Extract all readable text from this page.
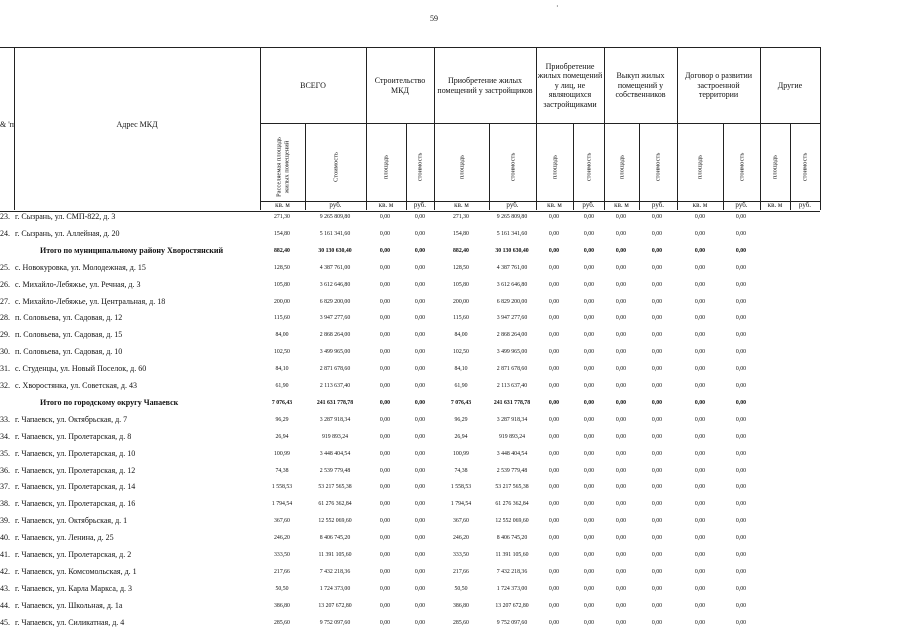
59
·
& 'п	Адрес МКД
ВСЕГО
Строительство МКД
Приобретение жилых помещений у застройщиков
Приобретение жилых помещений у лиц, не являющихся застройщиками
Выкуп жилых помещений у собственников
Договор о развитии застроенной территории
Другие
Расселяемая площадь жилых помещений	Стоимость	площадь	стоимость	площадь	стоимость	площадь	стоимость	площадь	стоимость	площадь	стоимость	площадь	стоимость
кв. м	руб.	кв. м	руб.	кв. м	руб.	кв. м	руб.	кв. м	руб.	кв. м	руб.	кв. м	руб.
23. г. Сызрань, ул. СМП-822, д. 3	271,30	9 265 809,80	0,00	0,00	271,30	9 265 809,80	0,00	0,00	0,00	0,00	0,00	0,00
24. г. Сызрань, ул. Аллейная, д. 20	154,80	5 161 341,60	0,00	0,00	154,80	5 161 341,60	0,00	0,00	0,00	0,00	0,00	0,00
Итого по муниципальному району Хворостянский	882,40	30 130 630,40	0,00	0,00	882,40	30 130 630,40	0,00	0,00	0,00	0,00	0,00	0,00
25. с. Новокуровка, ул. Молодежная, д. 15	128,50	4 387 761,00	0,00	0,00	128,50	4 387 761,00	0,00	0,00	0,00	0,00	0,00	0,00
26. с. Михайло-Лебяжье, ул. Речная, д. 3	105,80	3 612 646,80	0,00	0,00	105,80	3 612 646,80	0,00	0,00	0,00	0,00	0,00	0,00
27. с. Михайло-Лебяжье, ул. Центральная, д. 18	200,00	6 829 200,00	0,00	0,00	200,00	6 829 200,00	0,00	0,00	0,00	0,00	0,00	0,00
28. п. Соловьева, ул. Садовая, д. 12	115,60	3 947 277,60	0,00	0,00	115,60	3 947 277,60	0,00	0,00	0,00	0,00	0,00	0,00
29. п. Соловьева, ул. Садовая, д. 15	84,00	2 868 264,00	0,00	0,00	84,00	2 868 264,00	0,00	0,00	0,00	0,00	0,00	0,00
30. п. Соловьева, ул. Садовая, д. 10	102,50	3 499 965,00	0,00	0,00	102,50	3 499 965,00	0,00	0,00	0,00	0,00	0,00	0,00
31. с. Студенцы, ул. Новый Поселок, д. 60	84,10	2 871 678,60	0,00	0,00	84,10	2 871 678,60	0,00	0,00	0,00	0,00	0,00	0,00
32. с. Хворостянка, ул. Советская, д. 43	61,90	2 113 637,40	0,00	0,00	61,90	2 113 637,40	0,00	0,00	0,00	0,00	0,00	0,00
Итого по городскому округу Чапаевск	7 076,43	241 631 778,78	0,00	0,00	7 076,43	241 631 778,78	0,00	0,00	0,00	0,00	0,00	0,00
33. г. Чапаевск, ул. Октябрьская, д. 7	96,29	3 287 918,34	0,00	0,00	96,29	3 287 918,34	0,00	0,00	0,00	0,00	0,00	0,00
34. г. Чапаевск, ул. Пролетарская, д. 8	26,94	919 893,24	0,00	0,00	26,94	919 893,24	0,00	0,00	0,00	0,00	0,00	0,00
35. г. Чапаевск, ул. Пролетарская, д. 10	100,99	3 448 404,54	0,00	0,00	100,99	3 448 404,54	0,00	0,00	0,00	0,00	0,00	0,00
36. г. Чапаевск, ул. Пролетарская, д. 12	74,38	2 539 779,48	0,00	0,00	74,38	2 539 779,48	0,00	0,00	0,00	0,00	0,00	0,00
37. г. Чапаевск, ул. Пролетарская, д. 14	1 558,53	53 217 565,38	0,00	0,00	1 558,53	53 217 565,38	0,00	0,00	0,00	0,00	0,00	0,00
38. г. Чапаевск, ул. Пролетарская, д. 16	1 794,54	61 276 362,84	0,00	0,00	1 794,54	61 276 362,84	0,00	0,00	0,00	0,00	0,00	0,00
39. г. Чапаевск, ул. Октябрьская, д. 1	367,60	12 552 069,60	0,00	0,00	367,60	12 552 069,60	0,00	0,00	0,00	0,00	0,00	0,00
40. г. Чапаевск, ул. Ленина, д. 25	246,20	8 406 745,20	0,00	0,00	246,20	8 406 745,20	0,00	0,00	0,00	0,00	0,00	0,00
41. г. Чапаевск, ул. Пролетарская, д. 2	333,50	11 391 105,60	0,00	0,00	333,50	11 391 105,60	0,00	0,00	0,00	0,00	0,00	0,00
42. г. Чапаевск, ул. Комсомольская, д. 1	217,66	7 432 218,36	0,00	0,00	217,66	7 432 218,36	0,00	0,00	0,00	0,00	0,00	0,00
43. г. Чапаевск, ул. Карла Маркса, д. 3	50,50	1 724 373,00	0,00	0,00	50,50	1 724 373,00	0,00	0,00	0,00	0,00	0,00	0,00
44. г. Чапаевск, ул. Школьная, д. 1а	386,80	13 207 672,80	0,00	0,00	386,80	13 207 672,80	0,00	0,00	0,00	0,00	0,00	0,00
45. г. Чапаевск, ул. Силикатная, д. 4	285,60	9 752 097,60	0,00	0,00	285,60	9 752 097,60	0,00	0,00	0,00	0,00	0,00	0,00
